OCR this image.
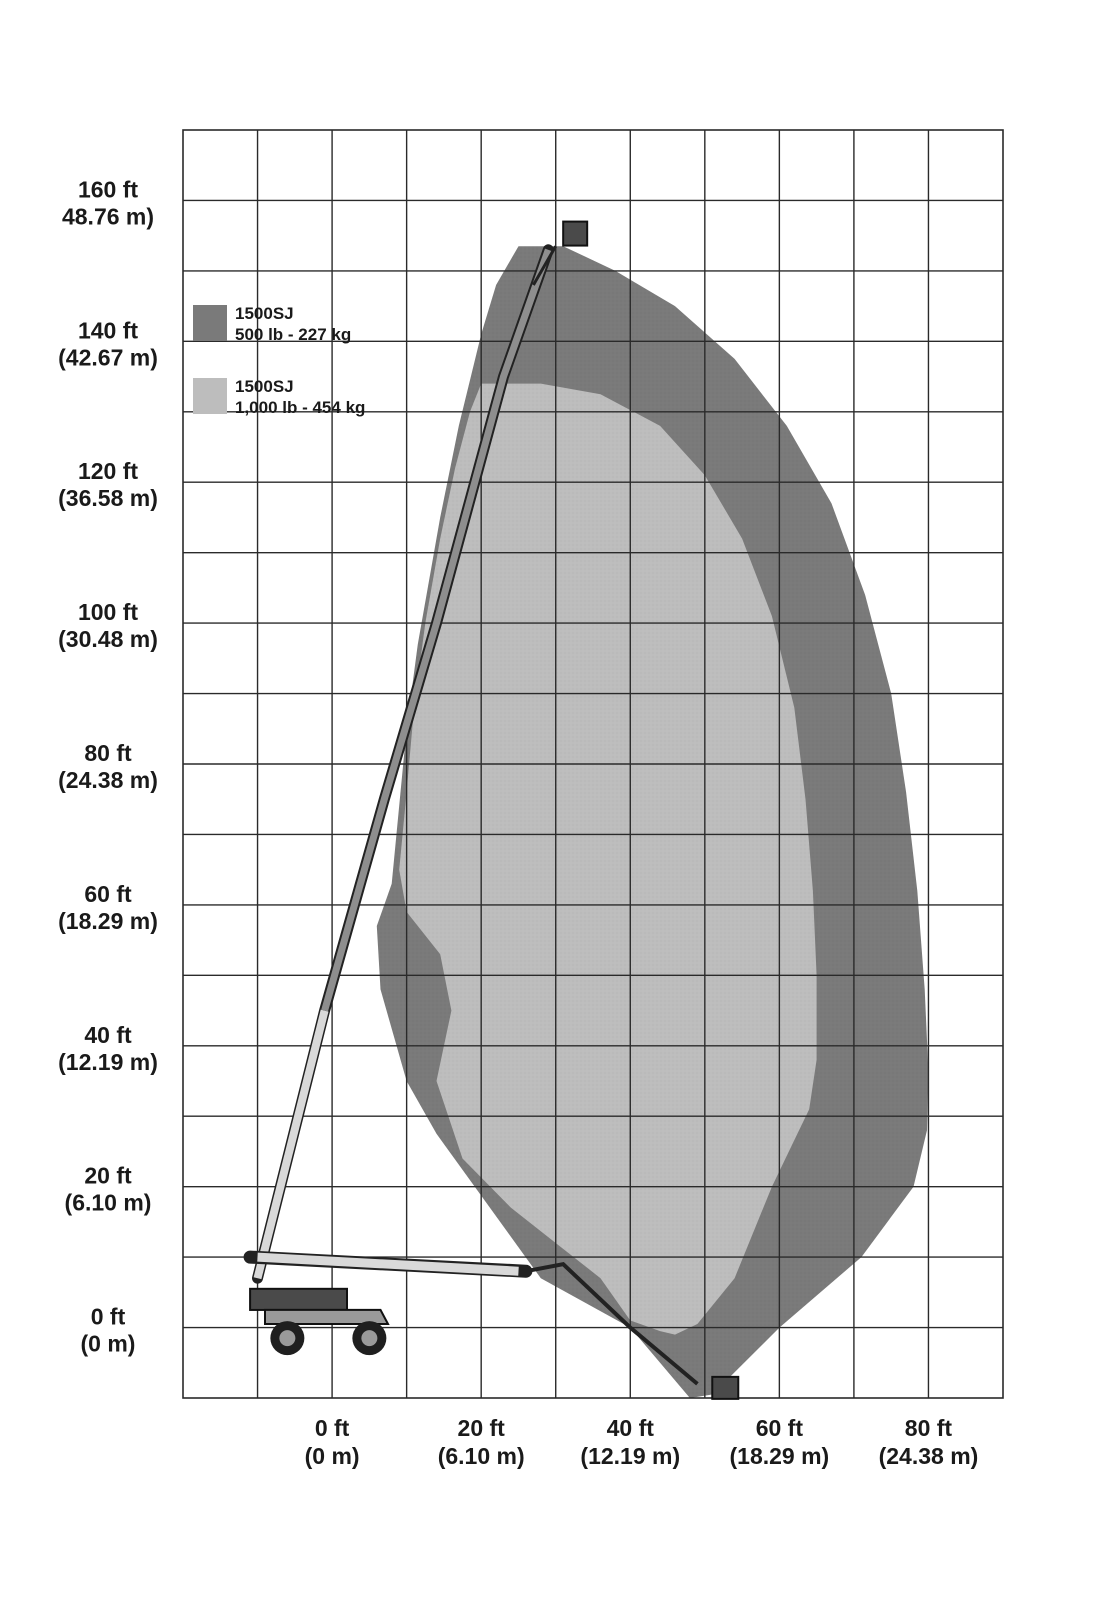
1500SJ
500 lb - 227 kg
1500SJ
1,000 lb - 454 kg
160 ft
48.76 m)
140 ft
(42.67 m)
120 ft
(36.58 m)
100 ft
(30.48 m)
80 ft
(24.38 m)
60 ft
(18.29 m)
40 ft
(12.19 m)
20 ft
(6.10 m)
0 ft
(0 m)
0 ft
(0 m)
20 ft
(6.10 m)
40 ft
(12.19 m)
60 ft
(18.29 m)
80 ft
(24.38 m)
